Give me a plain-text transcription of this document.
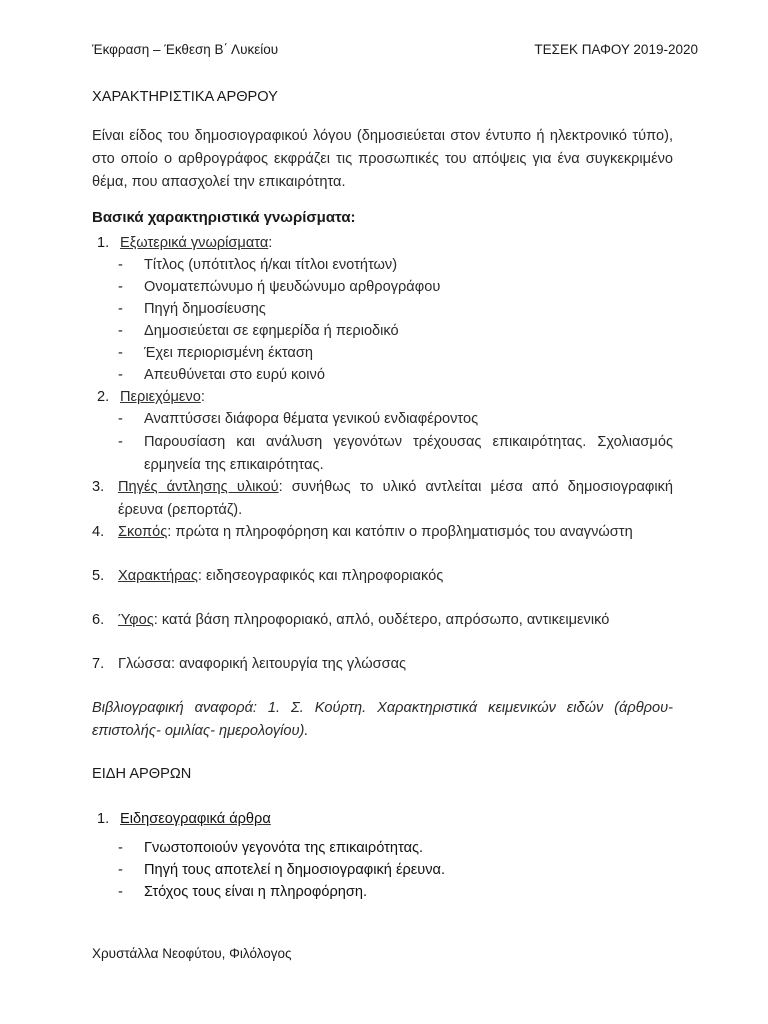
Έκφραση – Έκθεση Β΄ Λυκείου	ΤΕΣΕΚ ΠΑΦΟΥ 2019-2020
ΧΑΡΑΚΤΗΡΙΣΤΙΚΑ ΑΡΘΡΟΥ
Είναι είδος του δημοσιογραφικού λόγου (δημοσιεύεται στον έντυπο ή ηλεκτρονικό τύπο), στο οποίο ο αρθρογράφος εκφράζει τις προσωπικές του απόψεις για ένα συγκεκριμένο θέμα, που απασχολεί την επικαιρότητα.
Βασικά χαρακτηριστικά γνωρίσματα:
1. Εξωτερικά γνωρίσματα:
- Τίτλος (υπότιτλος ή/και τίτλοι ενοτήτων)
- Ονοματεπώνυμο ή ψευδώνυμο αρθρογράφου
- Πηγή δημοσίευσης
- Δημοσιεύεται σε εφημερίδα ή περιοδικό
- Έχει περιορισμένη έκταση
- Απευθύνεται στο ευρύ κοινό
2. Περιεχόμενο:
- Αναπτύσσει διάφορα θέματα γενικού ενδιαφέροντος
- Παρουσίαση και ανάλυση γεγονότων τρέχουσας επικαιρότητας. Σχολιασμός ερμηνεία της επικαιρότητας.
3. Πηγές άντλησης υλικού: συνήθως το υλικό αντλείται μέσα από δημοσιογραφική έρευνα (ρεπορτάζ).
4. Σκοπός: πρώτα η πληροφόρηση και κατόπιν ο προβληματισμός του αναγνώστη
5. Χαρακτήρας: ειδησεογραφικός και πληροφοριακός
6. Ύφος: κατά βάση πληροφοριακό, απλό, ουδέτερο, απρόσωπο, αντικειμενικό
7. Γλώσσα: αναφορική λειτουργία της γλώσσας
Βιβλιογραφική αναφορά: 1. Σ. Κούρτη. Χαρακτηριστικά κειμενικών ειδών (άρθρου-επιστολής- ομιλίας- ημερολογίου).
ΕΙΔΗ ΑΡΘΡΩΝ
1. Ειδησεογραφικά άρθρα
- Γνωστοποιούν γεγονότα της επικαιρότητας.
- Πηγή τους αποτελεί η δημοσιογραφική έρευνα.
- Στόχος τους είναι η πληροφόρηση.
Χρυστάλλα Νεοφύτου, Φιλόλογος
